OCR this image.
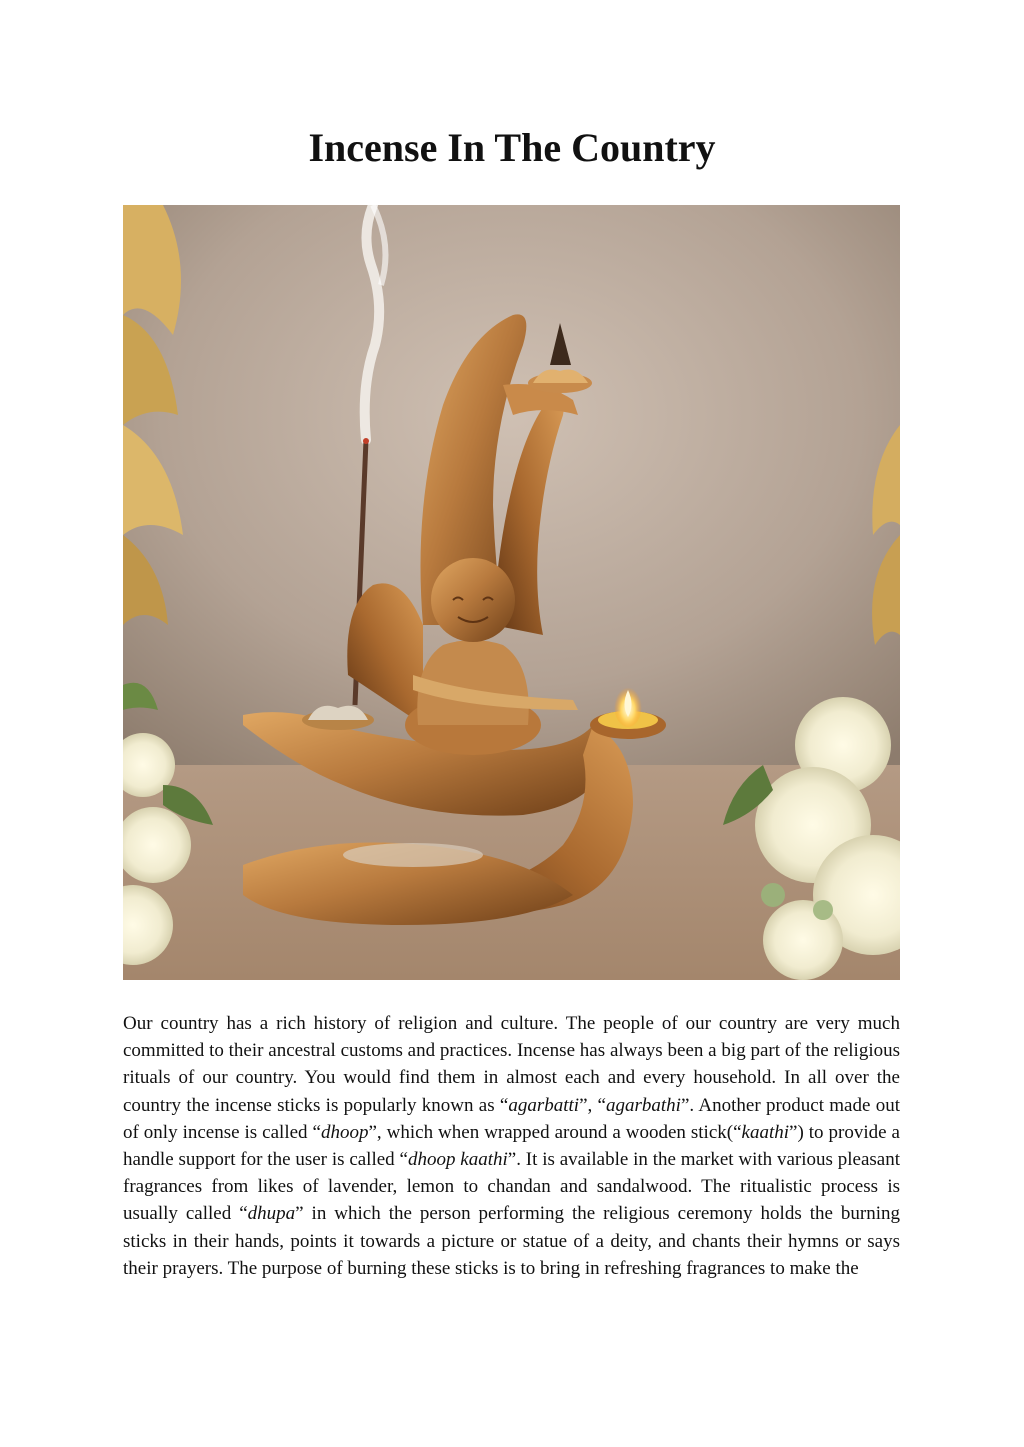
Incense In The Country

Our country has a rich history of religion and culture. The people of our country are very much committed to their ancestral customs and practices. Incense has always been a big part of the religious rituals of our country. You would find them in almost each and every household. In all over the country the incense sticks is popularly known as “agarbatti”, “agarbathi”. Another product made out of only incense is called “dhoop”, which when wrapped around a wooden stick(“kaathi”) to provide a handle support for the user is called “dhoop kaathi”. It is available in the market with various pleasant fragrances from likes of lavender, lemon to chandan and sandalwood. The ritualistic process is usually called “dhupa” in which the person performing the religious ceremony holds the burning sticks in their hands, points it towards a picture or statue of a deity, and chants their hymns or says their prayers. The purpose of burning these sticks is to bring in refreshing fragrances to make the
